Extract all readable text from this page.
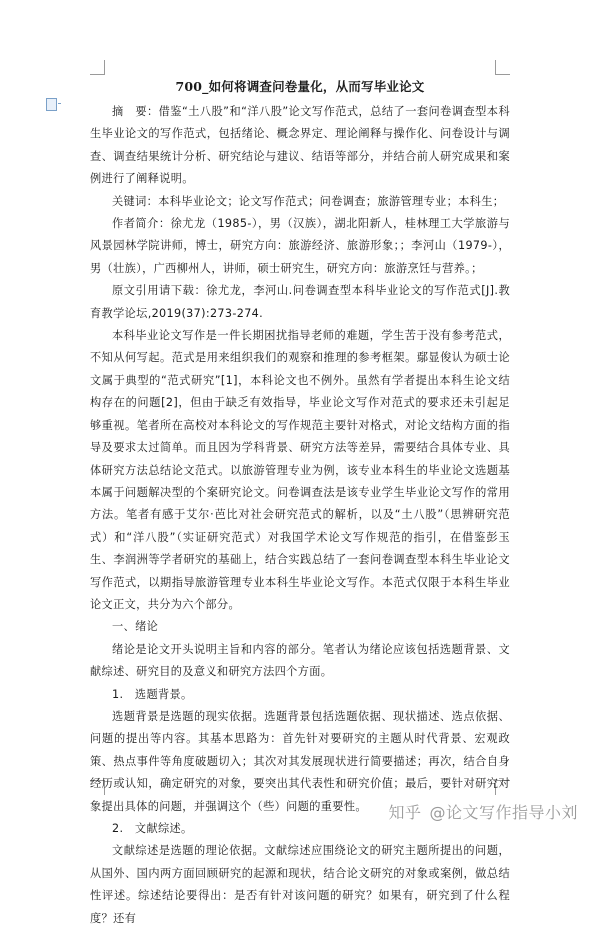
700_如何将调查问卷量化，从而写毕业论文

摘　要：借鉴“土八股”和“洋八股”论文写作范式，总结了一套问卷调查型本科生毕业论文的写作范式，包括绪论、概念界定、理论阐释与操作化、问卷设计与调查、调查结果统计分析、研究结论与建议、结语等部分，并结合前人研究成果和案例进行了阐释说明。

关键词：本科毕业论文；论文写作范式；问卷调查；旅游管理专业；本科生；

作者简介：徐尤龙（1985-），男（汉族），湖北阳新人，桂林理工大学旅游与风景园林学院讲师，博士，研究方向：旅游经济、旅游形象；；李河山（1979-），男（壮族），广西柳州人，讲师，硕士研究生，研究方向：旅游烹饪与营养。；

原文引用请下载：徐尤龙，李河山.问卷调查型本科毕业论文的写作范式[J].教育教学论坛,2019(37):273-274.

本科毕业论文写作是一件长期困扰指导老师的难题，学生苦于没有参考范式，不知从何写起。范式是用来组织我们的观察和推理的参考框架。鄢显俊认为硕士论文属于典型的“范式研究”[1]，本科论文也不例外。虽然有学者提出本科生论文结构存在的问题[2]，但由于缺乏有效指导，毕业论文写作对范式的要求还未引起足够重视。笔者所在高校对本科论文的写作规范主要针对格式，对论文结构方面的指导及要求太过简单。而且因为学科背景、研究方法等差异，需要结合具体专业、具体研究方法总结论文范式。以旅游管理专业为例，该专业本科生的毕业论文选题基本属于问题解决型的个案研究论文。问卷调查法是该专业学生毕业论文写作的常用方法。笔者有感于艾尔·芭比对社会研究范式的解析，以及“土八股”（思辨研究范式）和“洋八股”（实证研究范式）对我国学术论文写作规范的指引，在借鉴彭玉生、李润洲等学者研究的基础上，结合实践总结了一套问卷调查型本科生毕业论文写作范式，以期指导旅游管理专业本科生毕业论文写作。本范式仅限于本科生毕业论文正文，共分为六个部分。

一、绪论

绪论是论文开头说明主旨和内容的部分。笔者认为绪论应该包括选题背景、文献综述、研究目的及意义和研究方法四个方面。

1.　选题背景。

选题背景是选题的现实依据。选题背景包括选题依据、现状描述、选点依据、问题的提出等内容。其基本思路为：首先针对要研究的主题从时代背景、宏观政策、热点事件等角度破题切入；其次对其发展现状进行简要描述；再次，结合自身经历或认知，确定研究的对象，要突出其代表性和研究价值；最后，要针对研究对象提出具体的问题，并强调这个（些）问题的重要性。

2.　文献综述。

文献综述是选题的理论依据。文献综述应围绕论文的研究主题所提出的问题，从国外、国内两方面回顾研究的起源和现状，结合论文研究的对象或案例，做总结性评述。综述结论要得出：是否有针对该问题的研究？如果有，研究到了什么程度？还有

知乎 @论文写作指导小刘
